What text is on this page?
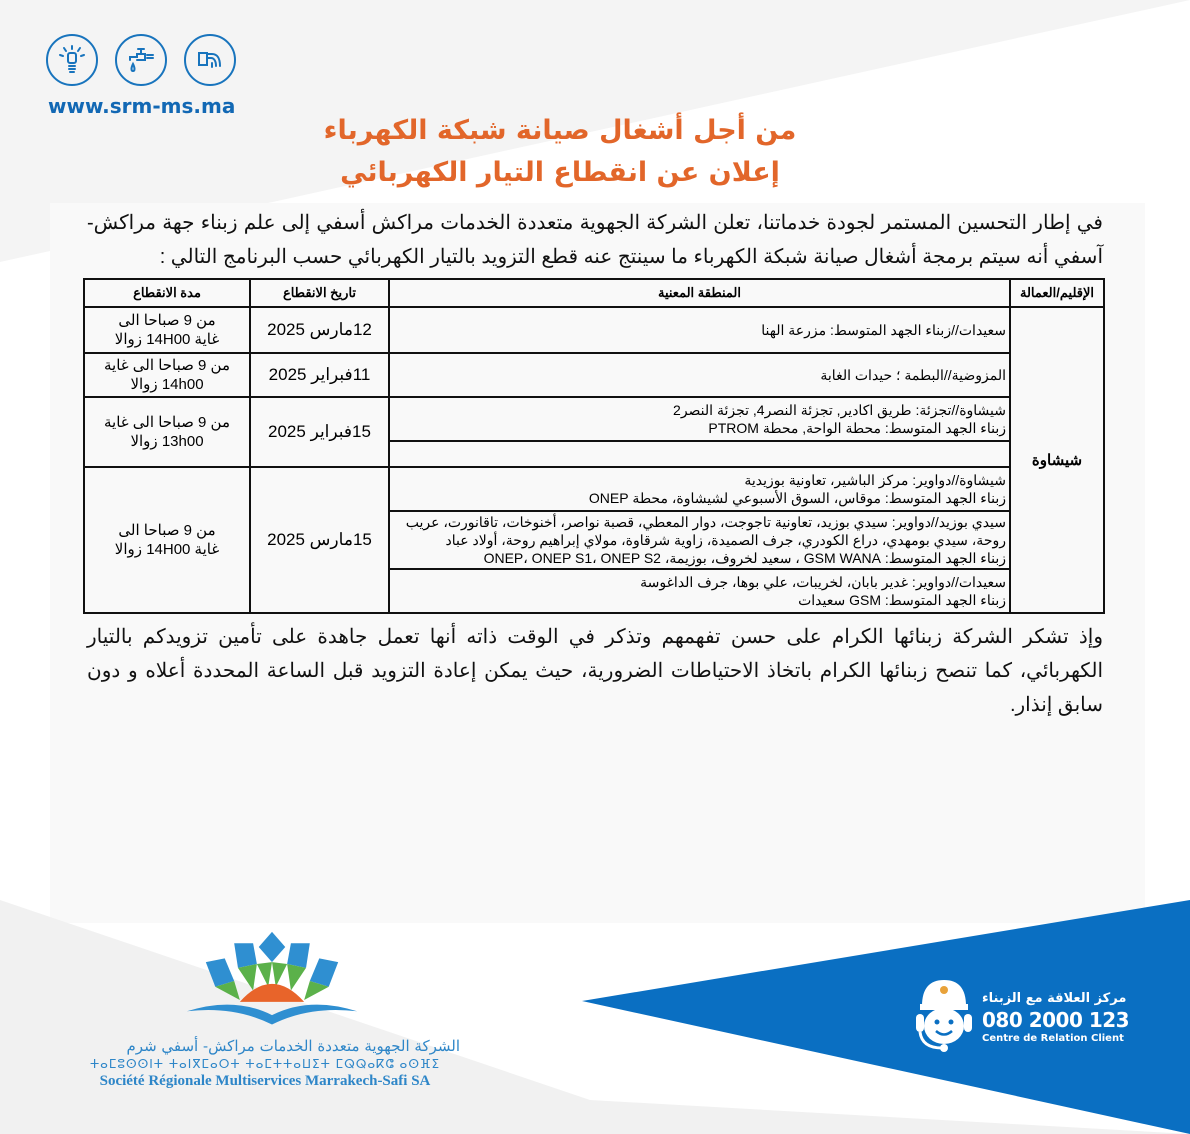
www.srm-ms.ma
من أجل أشغال صيانة شبكة الكهرباء
إعلان عن انقطاع التيار الكهربائي
في إطار التحسين المستمر لجودة خدماتنا، تعلن الشركة الجهوية متعددة الخدمات مراكش أسفي إلى علم زبناء جهة مراكش- آسفي أنه سيتم برمجة أشغال صيانة شبكة الكهرباء ما سينتج عنه قطع التزويد بالتيار الكهربائي حسب البرنامج التالي :
الإقليم/العمالة	المنطقة المعنية	تاريخ الانقطاع	مدة الانقطاع
شيشاوة	سعيدات//زبناء الجهد المتوسط: مزرعة الهنا	12مارس 2025	من 9 صباحا الى
غاية 14H00 زوالا

	المزوضية//البطمة ؛ حيدات الغابة	11فبراير 2025	من 9 صباحا الى غاية
14h00 زوالا

	شيشاوة//تجزئة: طريق اكادير, تجزئة النصر4, تجزئة النصر2
زبناء الجهد المتوسط: محطة الواحة, محطة PTROM	15فبراير 2025	من 9 صباحا الى غاية
13h00 زوالا

	شيشاوة//دواوير: مركز الباشير، تعاونية بوزيدية
زبناء الجهد المتوسط: موقاس، السوق الأسبوعي لشيشاوة، محطة ONEP	15مارس 2025	من 9 صباحا الى
غاية 14H00 زوالا

	سيدي بوزيد//دواوير: سيدي بوزيد، تعاونية تاجوجت، دوار المعطي، قصبة نواصر، أخنوخات، تاقانورت، عريب روحة، سيدي بومهدي، دراع الكودري، جرف الصميدة، زاوية شرقاوة، مولاي إبراهيم روحة، أولاد عباد
زبناء الجهد المتوسط: GSM WANA ، سعيد لخروف، بوزيمة، ONEP، ONEP S1، ONEP S2		

	سعيدات//دواوير: غدير بابان، لخريبات، علي بوها، جرف الداغوسة
زبناء الجهد المتوسط: GSM سعيدات		
وإذ تشكر الشركة زبنائها الكرام على حسن تفهمهم وتذكر في الوقت ذاته أنها تعمل جاهدة على تأمين تزويدكم بالتيار الكهربائي، كما تنصح زبنائها الكرام باتخاذ الاحتياطات الضرورية، حيث يمكن إعادة التزويد قبل الساعة المحددة أعلاه و دون سابق إنذار.
الشركة الجهوية متعددة الخدمات مراكش- أسفي شرم
ⵜⴰⵎⵓⵙⵙⵏⵜ ⵜⴰⵏⴳⵎⴰⵔⵜ ⵜⴰⵎⵜⵜⴰⵡⵉⵜ ⵎⵕⵕⴰⴽⵛ ⴰⵙⴼⵉ
Société Régionale Multiservices Marrakech-Safi SA
مركز العلاقة مع الزبناء
080 2000 123
Centre de Relation Client
